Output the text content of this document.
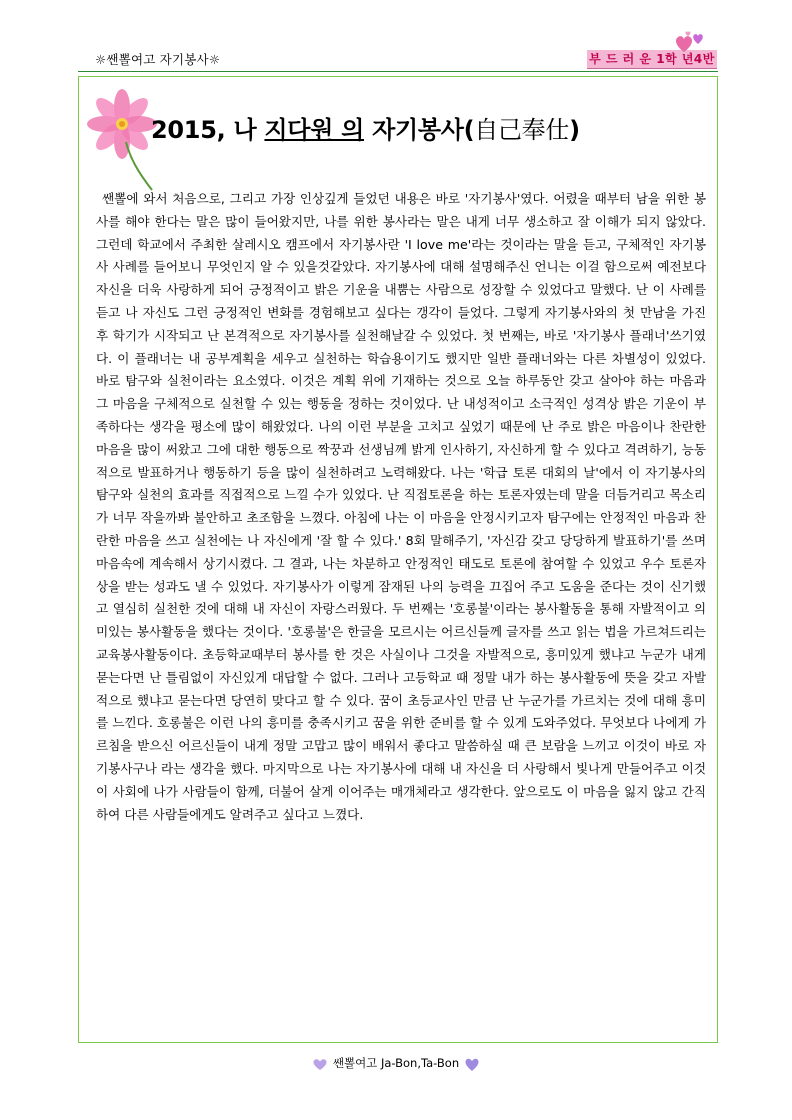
☼쌘뽈여고 자기봉사☼	부 드 러 운 1학 년4반
2015, 나 지다원 의 자기봉사(自己奉仕)

쌘뽈에 와서 처음으로, 그리고 가장 인상깊게 들었던 내용은 바로 '자기봉사'였다. 어렸을 때부터 남을 위한 봉사를 해야 한다는 말은 많이 들어왔지만, 나를 위한 봉사라는 말은 내게 너무 생소하고 잘 이해가 되지 않았다. 그런데 학교에서 주최한 살레시오 캠프에서 자기봉사란 'I love me'라는 것이라는 말을 듣고, 구체적인 자기봉사 사례를 들어보니 무엇인지 알 수 있을것같았다. 자기봉사에 대해 설명해주신 언니는 이걸 함으로써 예전보다 자신을 더욱 사랑하게 되어 긍정적이고 밝은 기운을 내뿜는 사람으로 성장할 수 있었다고 말했다. 난 이 사례를 듣고 나 자신도 그런 긍정적인 변화를 경험해보고 싶다는 갱각이 들었다. 그렇게 자기봉사와의 첫 만남을 가진 후 학기가 시작되고 난 본격적으로 자기봉사를 실천해날갈 수 있었다. 첫 번째는, 바로 '자기봉사 플래너'쓰기였다. 이 플래너는 내 공부계획을 세우고 실천하는 학습용이기도 했지만 일반 플래너와는 다른 차별성이 있었다. 바로 탐구와 실천이라는 요소였다. 이것은 계획 위에 기재하는 것으로 오늘 하루동안 갖고 살아야 하는 마음과 그 마음을 구체적으로 실천할 수 있는 행동을 정하는 것이었다. 난 내성적이고 소극적인 성격상 밝은 기운이 부족하다는 생각을 평소에 많이 해왔었다. 나의 이런 부분을 고치고 싶었기 때문에 난 주로 밝은 마음이나 찬란한 마음을 많이 써왔고 그에 대한 행동으로 짝꿍과 선생님께 밝게 인사하기, 자신하게 할 수 있다고 격려하기, 능동적으로 발표하거나 행동하기 등을 많이 실천하려고 노력해왔다. 나는 '학급 토론 대회의 날'에서 이 자기봉사의 탐구와 실천의 효과를 직접적으로 느낄 수가 있었다. 난 직접토론을 하는 토론자였는데 말을 더듬거리고 목소리가 너무 작을까봐 불안하고 초조함을 느꼈다. 아침에 나는 이 마음을 안정시키고자 탐구에는 안정적인 마음과 찬란한 마음을 쓰고 실천에는 나 자신에게 '잘 할 수 있다.' 8회 말해주기, '자신감 갖고 당당하게 발표하기'를 쓰며 마음속에 계속해서 상기시켰다. 그 결과, 나는 차분하고 안정적인 태도로 토론에 참여할 수 있었고 우수 토론자 상을 받는 성과도 낼 수 있었다. 자기봉사가 이렇게 잠재된 나의 능력을 끄집어 주고 도움을 준다는 것이 신기했고 열심히 실천한 것에 대해 내 자신이 자랑스러웠다. 두 번째는 '호롱불'이라는 봉사활동을 통해 자발적이고 의미있는 봉사활동을 했다는 것이다. '호롱불'은 한글을 모르시는 어르신들께 글자를 쓰고 읽는 법을 가르쳐드리는 교육봉사활동이다. 초등학교때부터 봉사를 한 것은 사실이나 그것을 자발적으로, 흥미있게 했냐고 누군가 내게 묻는다면 난 틀림없이 자신있게 대답할 수 없다. 그러나 고등학교 때 정말 내가 하는 봉사활동에 뜻을 갖고 자발적으로 했냐고 묻는다면 당연히 맞다고 할 수 있다. 꿈이 초등교사인 만큼 난 누군가를 가르치는 것에 대해 흥미를 느낀다. 호롱불은 이런 나의 흥미를 충족시키고 꿈을 위한 준비를 할 수 있게 도와주었다. 무엇보다 나에게 가르침을 받으신 어르신들이 내게 정말 고맙고 많이 배워서 좋다고 말씀하실 때 큰 보람을 느끼고 이것이 바로 자기봉사구나 라는 생각을 했다. 마지막으로 나는 자기봉사에 대해 내 자신을 더 사랑해서 빛나게 만들어주고 이것이 사회에 나가 사람들이 함께, 더불어 살게 이어주는 매개체라고 생각한다. 앞으로도 이 마음을 잃지 않고 간직하여 다른 사람들에게도 알려주고 싶다고 느꼈다.

쌘뽈여고 Ja-Bon,Ta-Bon
